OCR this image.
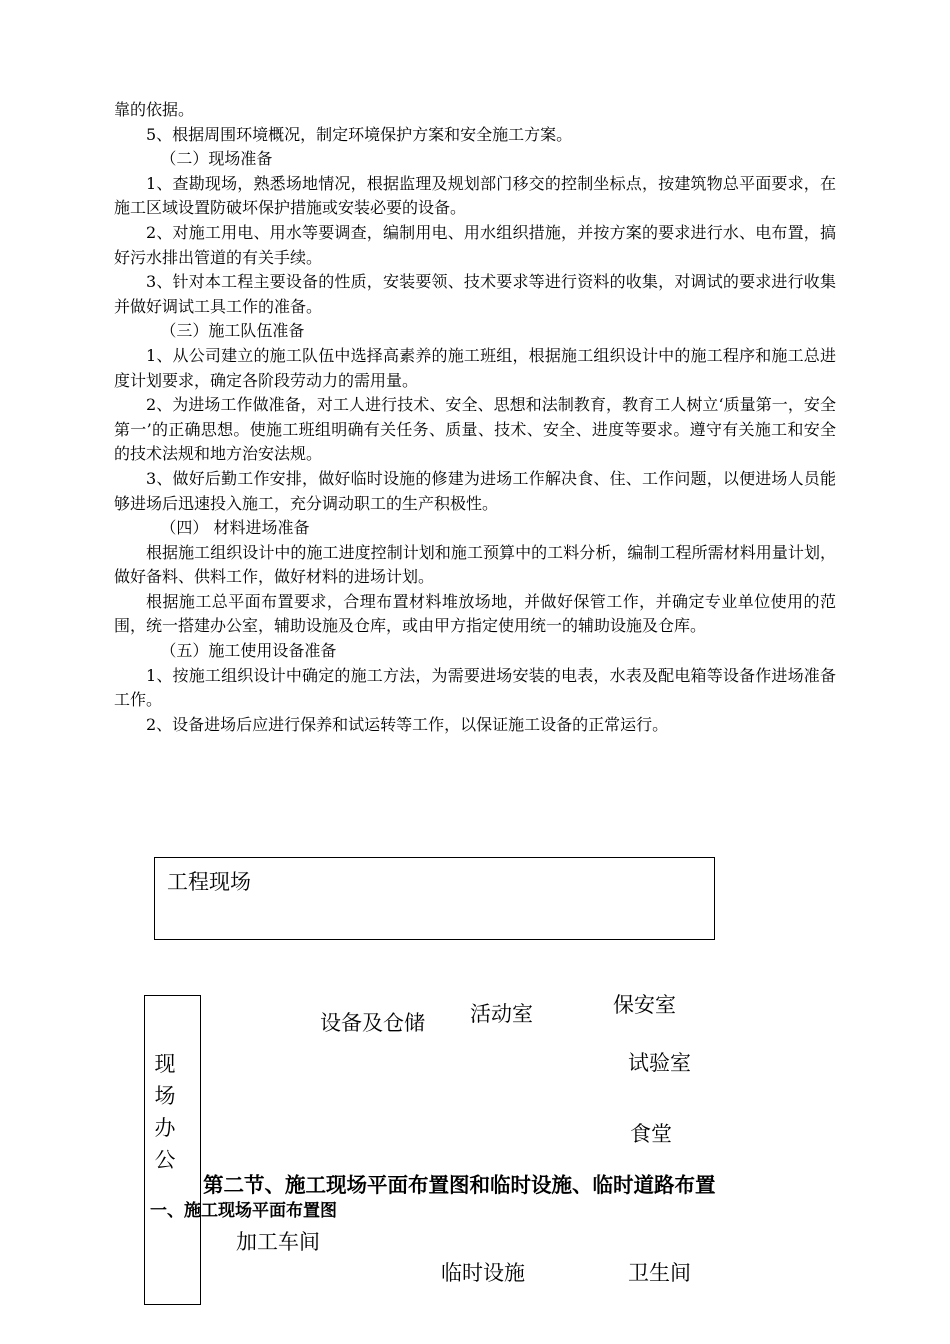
靠的依据。

5、根据周围环境概况，制定环境保护方案和安全施工方案。

（二）现场准备

1、查勘现场，熟悉场地情况，根据监理及规划部门移交的控制坐标点，按建筑物总平面要求，在施工区域设置防破坏保护措施或安装必要的设备。

2、对施工用电、用水等要调查，编制用电、用水组织措施，并按方案的要求进行水、电布置，搞好污水排出管道的有关手续。

3、针对本工程主要设备的性质，安装要领、技术要求等进行资料的收集，对调试的要求进行收集并做好调试工具工作的准备。

（三）施工队伍准备

1、从公司建立的施工队伍中选择高素养的施工班组，根据施工组织设计中的施工程序和施工总进度计划要求，确定各阶段劳动力的需用量。

2、为进场工作做准备，对工人进行技术、安全、思想和法制教育，教育工人树立‘质量第一，安全第一’的正确思想。使施工班组明确有关任务、质量、技术、安全、进度等要求。遵守有关施工和安全的技术法规和地方治安法规。

3、做好后勤工作安排，做好临时设施的修建为进场工作解决食、住、工作问题，以便进场人员能够进场后迅速投入施工，充分调动职工的生产积极性。

（四） 材料进场准备

根据施工组织设计中的施工进度控制计划和施工预算中的工料分析，编制工程所需材料用量计划，做好备料、供料工作，做好材料的进场计划。

根据施工总平面布置要求，合理布置材料堆放场地，并做好保管工作，并确定专业单位使用的范围，统一搭建办公室，辅助设施及仓库，或由甲方指定使用统一的辅助设施及仓库。

（五）施工使用设备准备

1、按施工组织设计中确定的施工方法，为需要进场安装的电表，水表及配电箱等设备作进场准备工作。

2、设备进场后应进行保养和试运转等工作，以保证施工设备的正常运行。

工程现场
现场办公
设备及仓储 活动室	保安室
试验室
食堂
加工车间
临时设施	卫生间
第二节、施工现场平面布置图和临时设施、临时道路布置
一、施工现场平面布置图
